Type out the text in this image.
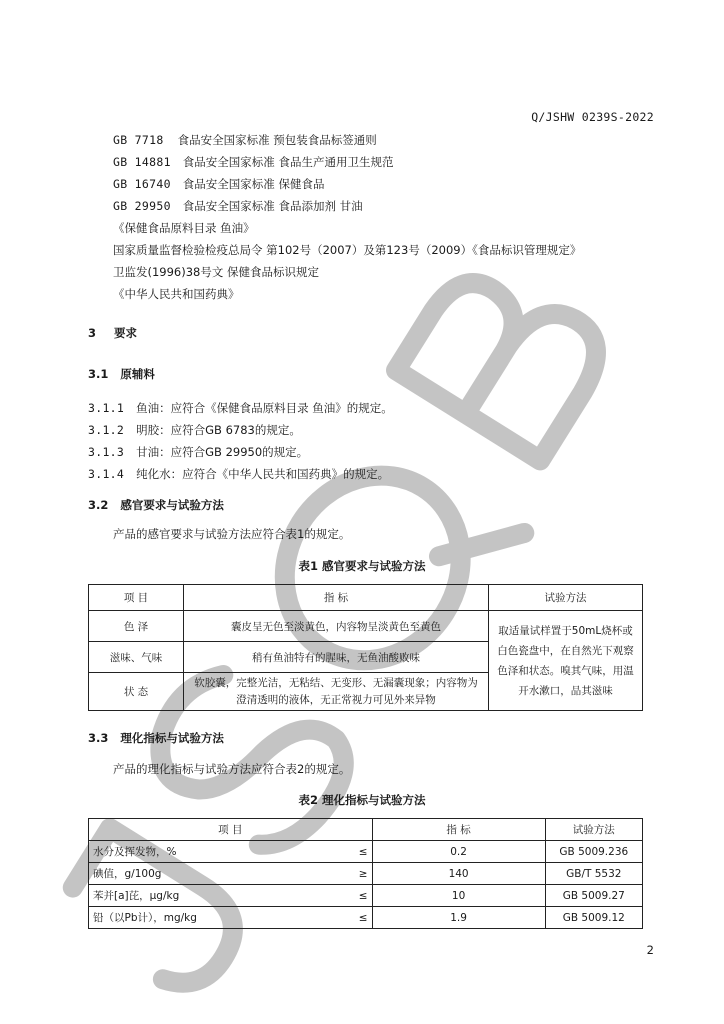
Q/JSHW 0239S-2022
GB 7718 食品安全国家标准 预包装食品标签通则
GB 14881 食品安全国家标准 食品生产通用卫生规范
GB 16740 食品安全国家标准 保健食品
GB 29950 食品安全国家标准 食品添加剂 甘油
《保健食品原料目录 鱼油》
国家质量监督检验检疫总局令 第102号（2007）及第123号（2009）《食品标识管理规定》
卫监发(1996)38号文 保健食品标识规定
《中华人民共和国药典》
3 要求
3.1 原辅料
3.1.1 鱼油：应符合《保健食品原料目录 鱼油》的规定。
3.1.2 明胶：应符合GB 6783的规定。
3.1.3 甘油：应符合GB 29950的规定。
3.1.4 纯化水：应符合《中华人民共和国药典》的规定。
3.2 感官要求与试验方法
产品的感官要求与试验方法应符合表1的规定。
表1 感官要求与试验方法
项 目	指 标	试验方法
色 泽	囊皮呈无色至淡黄色，内容物呈淡黄色至黄色	取适量试样置于50mL烧杯或
白色瓷盘中，在自然光下观察
色泽和状态。嗅其气味，用温
开水漱口，品其滋味

滋味、气味	稍有鱼油特有的腥味，无鱼油酸败味	
状 态	软胶囊，完整光洁，无粘结、无变形、无漏囊现象；内容物为
澄清透明的液体，无正常视力可见外来异物	
3.3 理化指标与试验方法
产品的理化指标与试验方法应符合表2的规定。
表2 理化指标与试验方法
项 目		指 标	试验方法
水分及挥发物，%	≤	0.2	GB 5009.236
碘值，g/100g	≥	140	GB/T 5532
苯并[a]芘，μg/kg	≤	10	GB 5009.27
铅（以Pb计），mg/kg	≤	1.9	GB 5009.12
2
